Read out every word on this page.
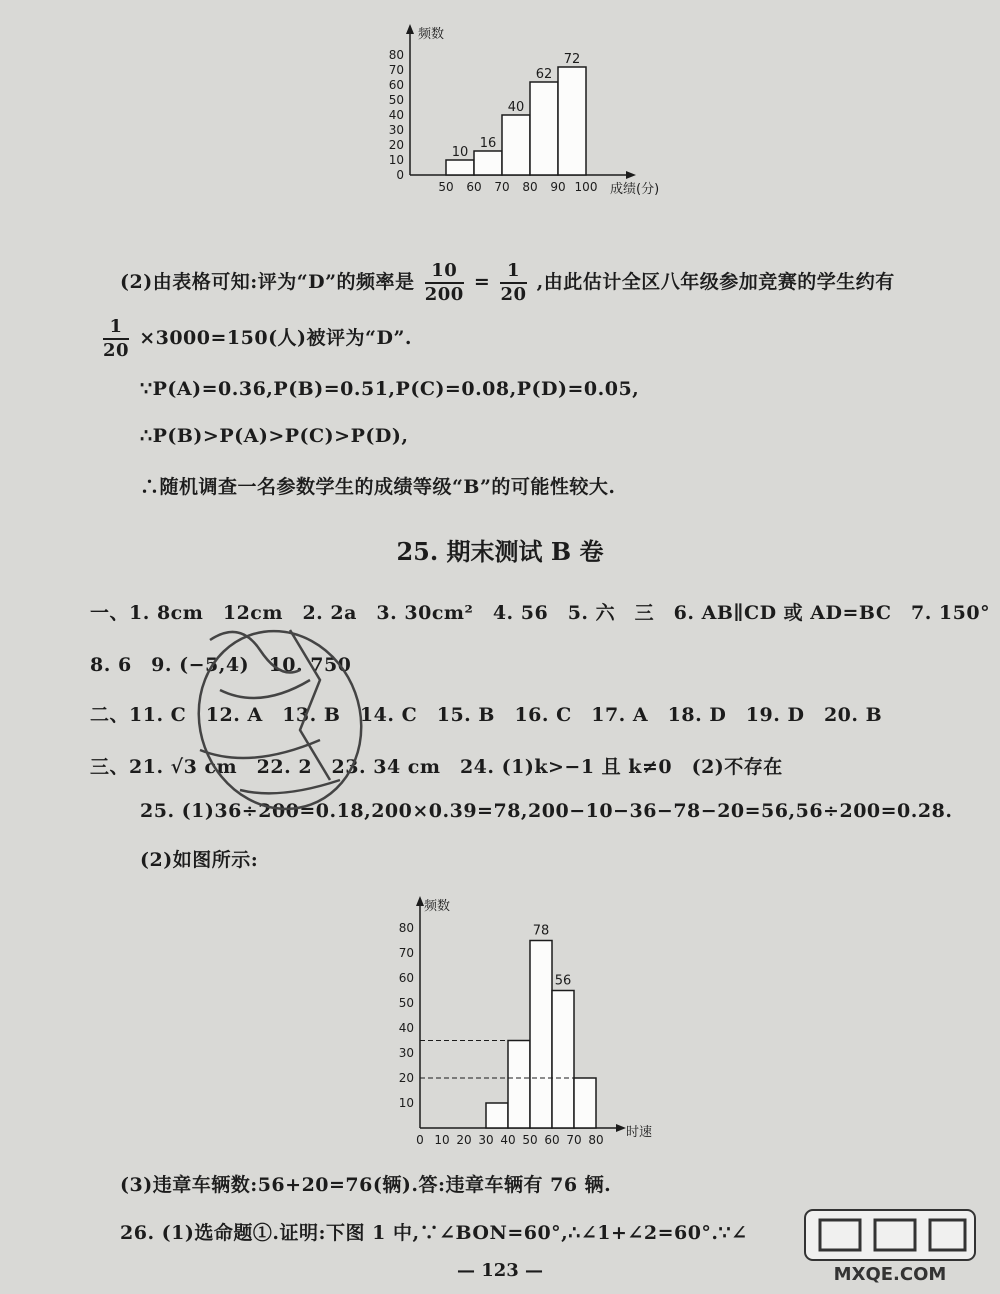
频数
0
10
20
30
40
50
60
70
80
10
16
40
62
72
50 60 70 80 90 100 成绩(分)
(2)由表格可知:评为“D”的频率是 $\frac{10}{200} = \frac{1}{20}$ ,由此估计全区八年级参加竞赛的学生约有
$\frac{1}{20} \times 3000=150$(人)被评为“D”.
∵P(A)=0.36,P(B)=0.51,P(C)=0.08,P(D)=0.05,
∴P(B)>P(A)>P(C)>P(D),
∴随机调查一名参数学生的成绩等级“B”的可能性较大.
25. 期末测试 B 卷
一、1. 8cm　12cm　2. 2a　3. 30cm²　4. 56　5. 六　三　6. AB∥CD 或 AD=BC　7. 150°
8. 6　9. (−5,4)　10. 750
二、11. C　12. A　13. B　14. C　15. B　16. C　17. A　18. D　19. D　20. B
三、21. √3 cm　22. 2　23. 34 cm　24. (1)k>−1 且 k≠0　(2)不存在
25. (1)36÷200=0.18,200×0.39=78,200−10−36−78−20=56,56÷200=0.28.
(2)如图所示:
频数
10
20
30
40
50
60
70
80	78
56
0 10 20 30 40 50 60 70 80 时速
(3)违章车辆数:56+20=76(辆).答:违章车辆有 76 辆.
26. (1)选命题①.证明:下图 1 中,∵∠BON=60°,∴∠1+∠2=60°.∵∠
— 123 —	MXQE.COM
